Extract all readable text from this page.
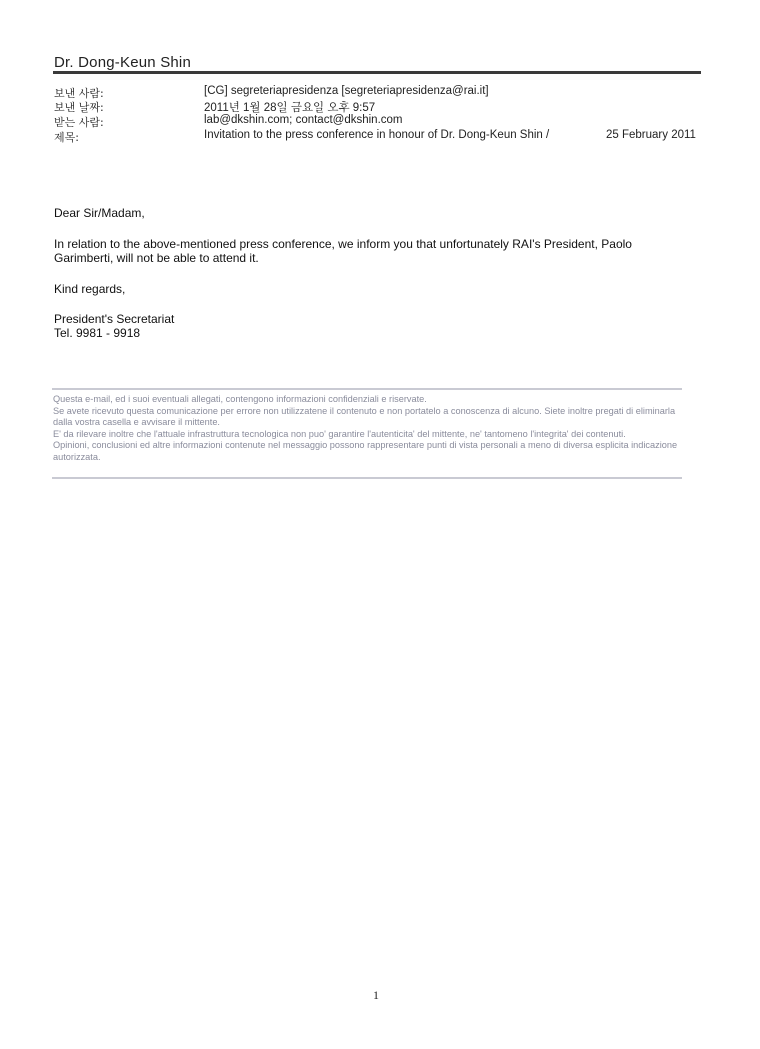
Dr. Dong-Keun Shin
보낸 사람:	[CG] segreteriapresidenza [segreteriapresidenza@rai.it]
보낸 날짜:	2011년 1월 28일 금요일 오후 9:57
받는 사람:	lab@dkshin.com; contact@dkshin.com
제목:	Invitation to the press conference in honour of Dr. Dong-Keun Shin /	25 February 2011
Dear Sir/Madam,
In relation to the above-mentioned press conference, we inform you that unfortunately RAI's President, Paolo Garimberti, will not be able to attend it.
Kind regards,
President's Secretariat
Tel. 9981 - 9918

Questa e-mail, ed i suoi eventuali allegati, contengono informazioni confidenziali e riservate.

Se avete ricevuto questa comunicazione per errore non utilizzatene il contenuto e non portatelo a conoscenza di alcuno. Siete inoltre pregati di eliminarla dalla vostra casella e avvisare il mittente.

E' da rilevare inoltre che l'attuale infrastruttura tecnologica non puo' garantire l'autenticita' del mittente, ne' tantomeno l'integrita' dei contenuti.

Opinioni, conclusioni ed altre informazioni contenute nel messaggio possono rappresentare punti di vista personali a meno di diversa esplicita indicazione autorizzata.

1
